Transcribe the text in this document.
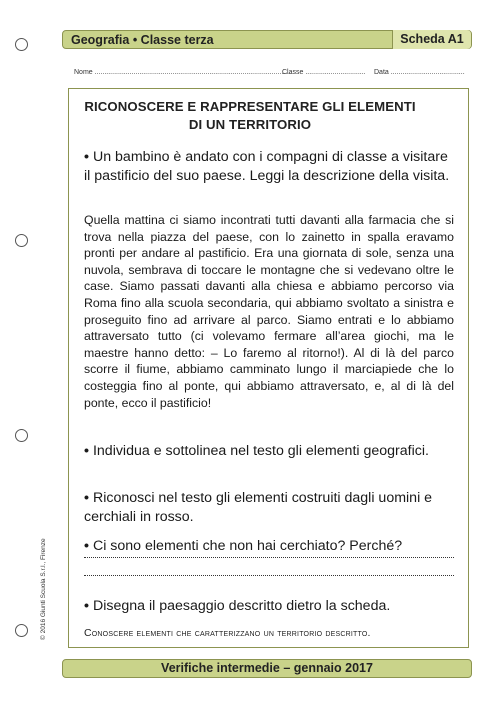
Geografia • Classe terza	Scheda A1
Nome ......................................................................................................
Classe ............................... Data ......................................
RICONOSCERE E RAPPRESENTARE GLI ELEMENTI
DI UN TERRITORIO
• Un bambino è andato con i compagni di classe a visitare il pastificio del suo paese. Leggi la descrizione della visita.
Quella mattina ci siamo incontrati tutti davanti alla farmacia che si trova nella piazza del paese, con lo zainetto in spalla eravamo pronti per andare al pastificio. Era una giornata di sole, senza una nuvola, sembrava di toccare le montagne che si vedevano oltre le case. Siamo passati davanti alla chiesa e abbiamo percorso via Roma fino alla scuola secondaria, qui abbiamo svoltato a sinistra e proseguito fino ad arrivare al parco. Siamo entrati e lo abbiamo attraversato tutto (ci volevamo fermare all’area giochi, ma le maestre hanno detto: – Lo faremo al ritorno!). Al di là del parco scorre il fiume, abbiamo camminato lungo il marciapiede che lo costeggia fino al ponte, qui abbiamo attraversato, e, al di là del ponte, ecco il pastificio!
• Individua e sottolinea nel testo gli elementi geografici.
• Riconosci nel testo gli elementi costruiti dagli uomini e cerchiali in rosso.
• Ci sono elementi che non hai cerchiato? Perché?
• Disegna il paesaggio descritto dietro la scheda.
Conoscere elementi che caratterizzano un territorio descritto.
© 2016 Giunti Scuola S.r.l., Firenze
Verifiche intermedie – gennaio 2017
